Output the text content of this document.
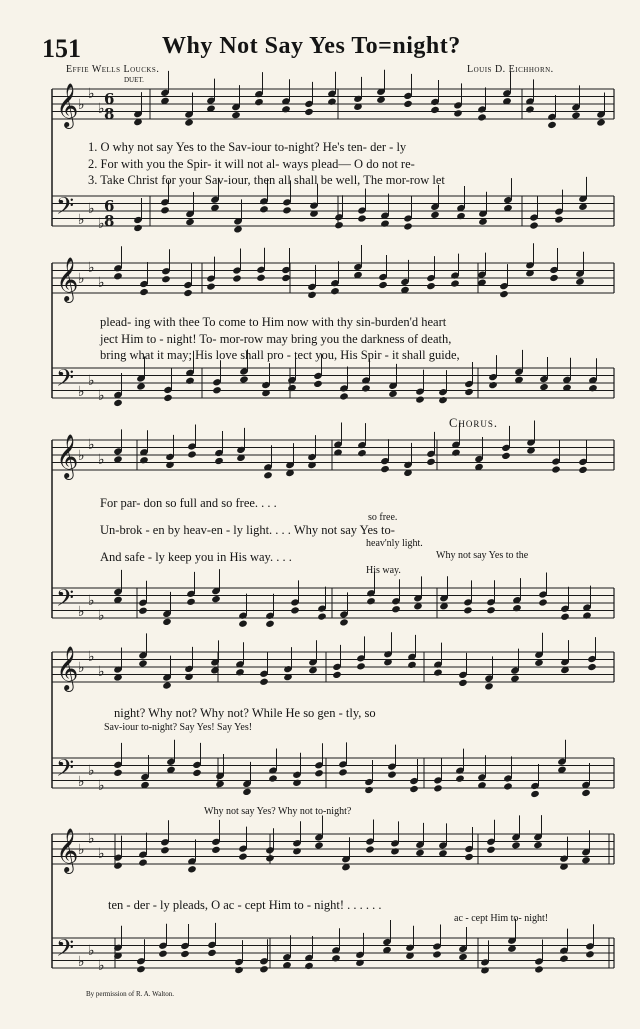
151	Why Not Say Yes To=night?
Effie Wells Loucks.	Louis D. Eichhorn.
DUET.
𝄞
𝄢
♭
♭
♭
♭
♭
♭
6
8
6
8
𝄞
𝄢
♭
♭
♭
♭
♭
♭
𝄞
𝄢
♭
♭
♭
♭
♭
♭
𝄞
𝄢
♭
♭
♭
♭
♭
♭
𝄞
𝄢
♭
♭
♭
♭
♭
♭
1. O why not say Yes to the Sav-iour to-night? He's ten- der - ly
2. For with you the Spir- it will not al- ways plead— O do not re-
3. Take Christ for your Sav-iour, then all shall be well, The mor-row let
plead- ing with thee To come to Him now with thy sin-burden'd heart
ject Him to - night! To- mor-row may bring you the darkness of death,
bring what it may; His love shall pro - tect you, His Spir - it shall guide,
Chorus.
For par- don so full and so free. . . .
so free.
Un-brok - en by heav-en - ly light. . . . Why not say Yes to-
heav'nly light.
And safe - ly keep you in His way. . . .	Why not say Yes to the
His way.
night? Why not? Why not? While He so gen - tly, so
Sav-iour to-night? Say Yes! Say Yes!
Why not say Yes? Why not to-night?
ten - der - ly pleads, O ac - cept Him to - night! . . . . . .
ac - cept Him to- night!
By permission of R. A. Walton.
